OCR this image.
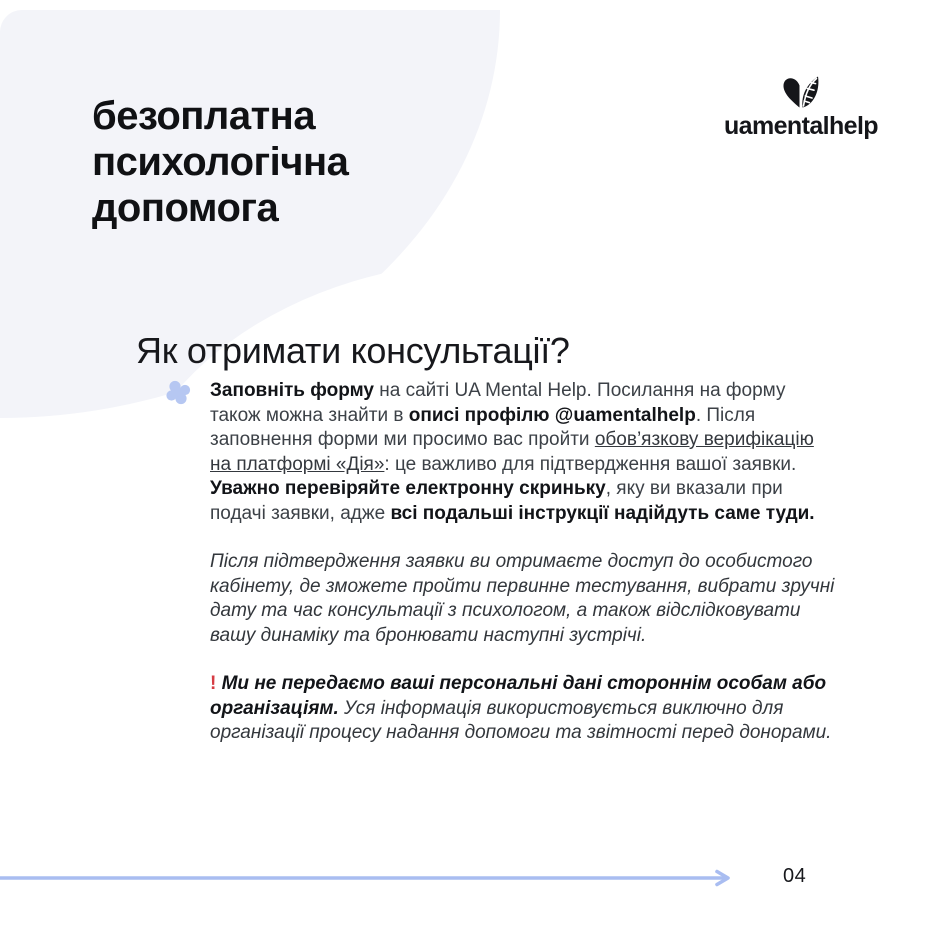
безоплатна
психологічна
допомога
uamentalhelp
Як отримати консультації?

Заповніть форму на сайті UA Mental Help. Посилання на форму також можна знайти в описі профілю @uamentalhelp. Після заповнення форми ми просимо вас пройти обов’язкову верифікацію на платформі «Дія»: це важливо для підтвердження вашої заявки. Уважно перевіряйте електронну скриньку, яку ви вказали при подачі заявки, адже всі подальші інструкції надійдуть саме туди.

Після підтвердження заявки ви отримаєте доступ до особистого кабінету, де зможете пройти первинне тестування, вибрати зручні дату та час консультації з психологом, а також відслідковувати вашу динаміку та бронювати наступні зустрічі.

! Ми не передаємо ваші персональні дані стороннім особам або організаціям. Уся інформація використовується виключно для організації процесу надання допомоги та звітності перед донорами.

04
